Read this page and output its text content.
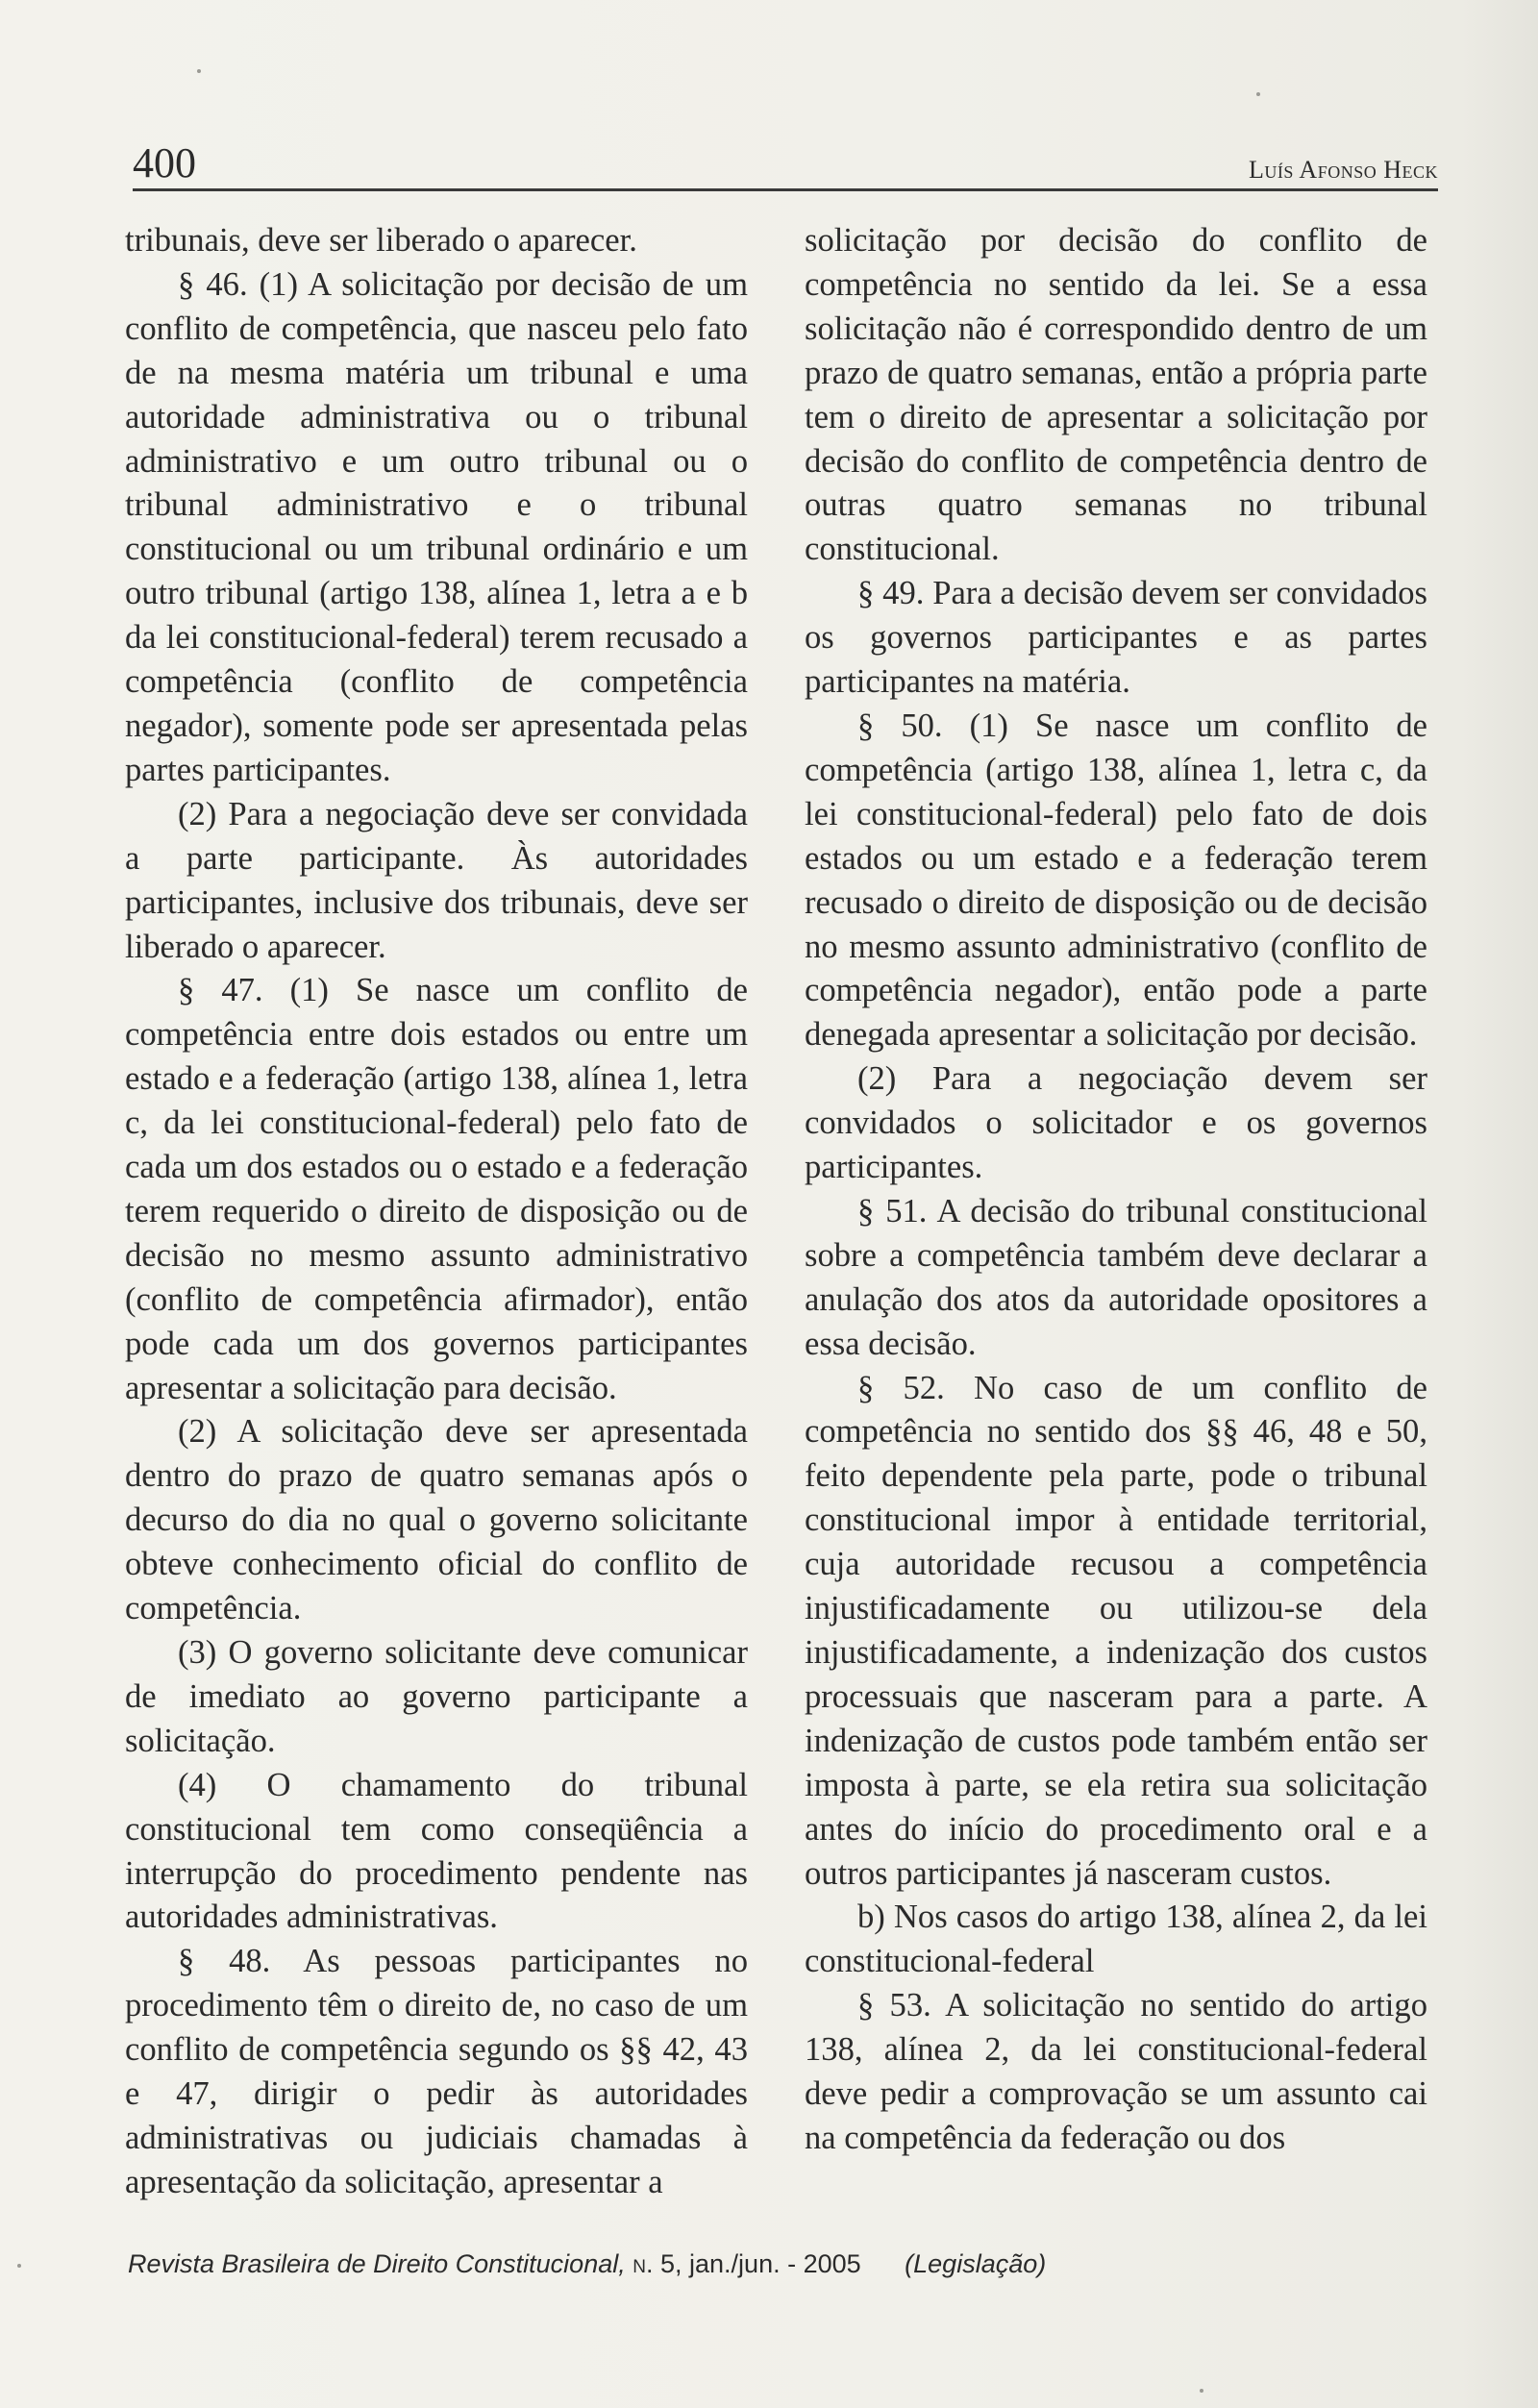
400	Luís Afonso Heck

tribunais, deve ser liberado o aparecer.

§ 46. (1) A solicitação por decisão de um conflito de competência, que nasceu pelo fato de na mesma matéria um tribunal e uma autoridade administrativa ou o tribunal administrativo e um outro tribunal ou o tribunal administrativo e o tribunal constitucional ou um tribunal ordinário e um outro tribunal (artigo 138, alínea 1, letra a e b da lei constitucional-federal) terem recusado a competência (conflito de competência negador), somente pode ser apresentada pelas partes participantes.

(2) Para a negociação deve ser convidada a parte participante. Às autoridades participantes, inclusive dos tribunais, deve ser liberado o aparecer.

§ 47. (1) Se nasce um conflito de competência entre dois estados ou entre um estado e a federação (artigo 138, alínea 1, letra c, da lei constitucional-federal) pelo fato de cada um dos estados ou o estado e a federação terem requerido o direito de disposição ou de decisão no mesmo assunto administrativo (conflito de competência afirmador), então pode cada um dos governos participantes apresentar a solicitação para decisão.

(2) A solicitação deve ser apresentada dentro do prazo de quatro semanas após o decurso do dia no qual o governo solicitante obteve conhecimento oficial do conflito de competência.

(3) O governo solicitante deve comunicar de imediato ao governo participante a solicitação.

(4) O chamamento do tribunal constitucional tem como conseqüência a interrupção do procedimento pendente nas autoridades administrativas.

§ 48. As pessoas participantes no procedimento têm o direito de, no caso de um conflito de competência segundo os §§ 42, 43 e 47, dirigir o pedir às autoridades administrativas ou judiciais chamadas à apresentação da solicitação, apresentar a

solicitação por decisão do conflito de competência no sentido da lei. Se a essa solicitação não é correspondido dentro de um prazo de quatro semanas, então a própria parte tem o direito de apresentar a solicitação por decisão do conflito de competência dentro de outras quatro semanas no tribunal constitucional.

§ 49. Para a decisão devem ser convidados os governos participantes e as partes participantes na matéria.

§ 50. (1) Se nasce um conflito de competência (artigo 138, alínea 1, letra c, da lei constitucional-federal) pelo fato de dois estados ou um estado e a federação terem recusado o direito de disposição ou de decisão no mesmo assunto administrativo (conflito de competência negador), então pode a parte denegada apresentar a solicitação por decisão.

(2) Para a negociação devem ser convidados o solicitador e os governos participantes.

§ 51. A decisão do tribunal constitucional sobre a competência também deve declarar a anulação dos atos da autoridade opositores a essa decisão.

§ 52. No caso de um conflito de competência no sentido dos §§ 46, 48 e 50, feito dependente pela parte, pode o tribunal constitucional impor à entidade territorial, cuja autoridade recusou a competência injustificadamente ou utilizou-se dela injustificadamente, a indenização dos custos processuais que nasceram para a parte. A indenização de custos pode também então ser imposta à parte, se ela retira sua solicitação antes do início do procedimento oral e a outros participantes já nasceram custos.

b) Nos casos do artigo 138, alínea 2, da lei constitucional-federal

§ 53. A solicitação no sentido do artigo 138, alínea 2, da lei constitucional-federal deve pedir a comprovação se um assunto cai na competência da federação ou dos

Revista Brasileira de Direito Constitucional, n. 5, jan./jun. - 2005 (Legislação)
